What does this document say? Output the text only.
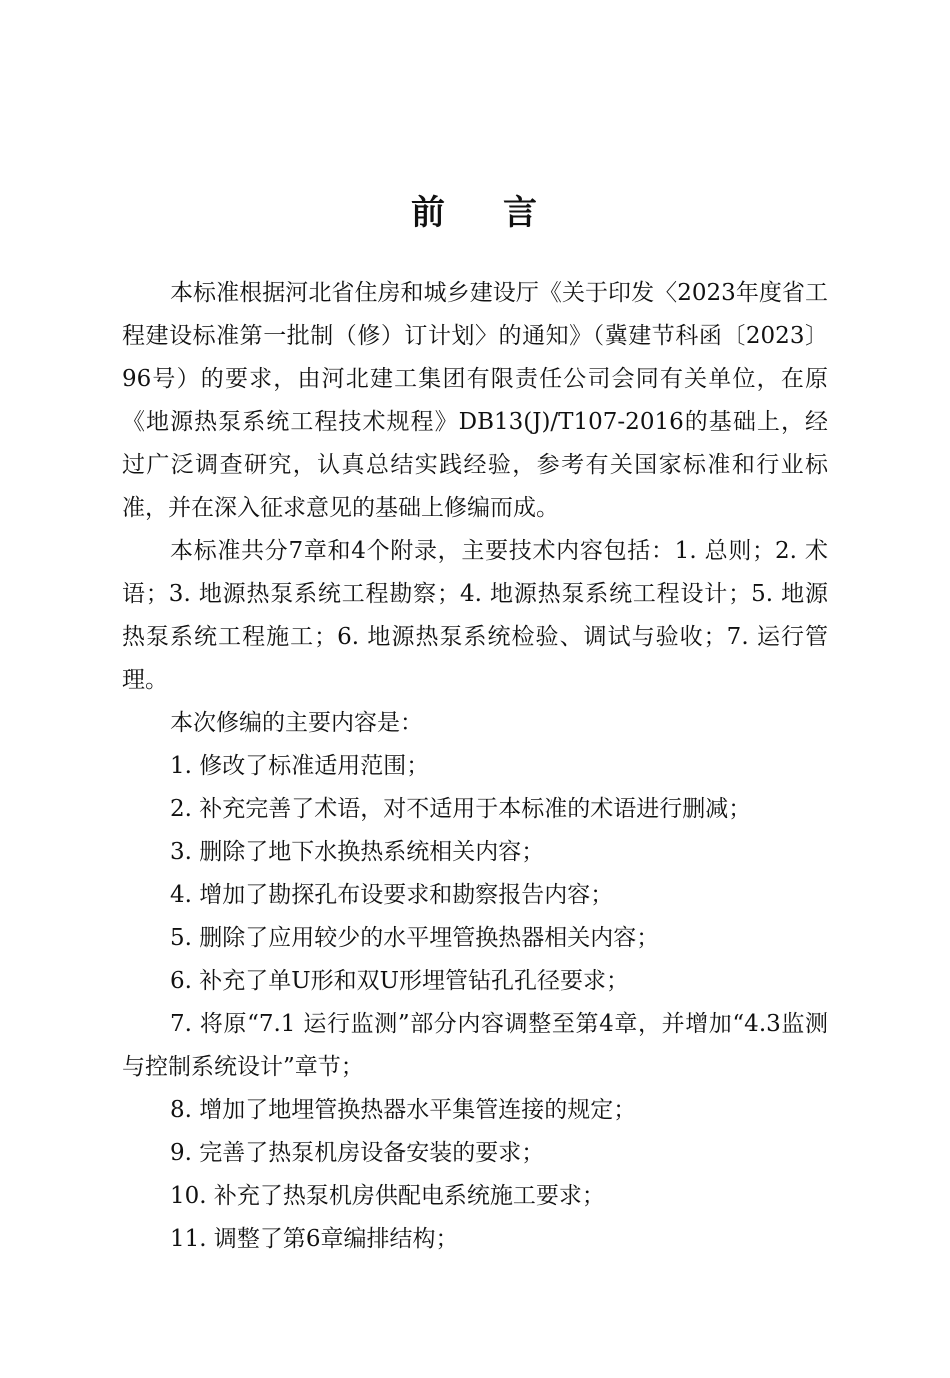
前 言

本标准根据河北省住房和城乡建设厅《关于印发〈2023年度省工程建设标准第一批制（修）订计划〉的通知》（冀建节科函〔2023〕96号）的要求，由河北建工集团有限责任公司会同有关单位，在原《地源热泵系统工程技术规程》DB13(J)/T107-2016的基础上，经过广泛调查研究，认真总结实践经验，参考有关国家标准和行业标准，并在深入征求意见的基础上修编而成。

本标准共分7章和4个附录，主要技术内容包括：1. 总则；2. 术语；3. 地源热泵系统工程勘察；4. 地源热泵系统工程设计；5. 地源热泵系统工程施工；6. 地源热泵系统检验、调试与验收；7. 运行管理。

本次修编的主要内容是：

1. 修改了标准适用范围；

2. 补充完善了术语，对不适用于本标准的术语进行删减；

3. 删除了地下水换热系统相关内容；

4. 增加了勘探孔布设要求和勘察报告内容；

5. 删除了应用较少的水平埋管换热器相关内容；

6. 补充了单U形和双U形埋管钻孔孔径要求；

7. 将原“7.1 运行监测”部分内容调整至第4章，并增加“4.3监测与控制系统设计”章节；

8. 增加了地埋管换热器水平集管连接的规定；

9. 完善了热泵机房设备安装的要求；

10. 补充了热泵机房供配电系统施工要求；

11. 调整了第6章编排结构；
